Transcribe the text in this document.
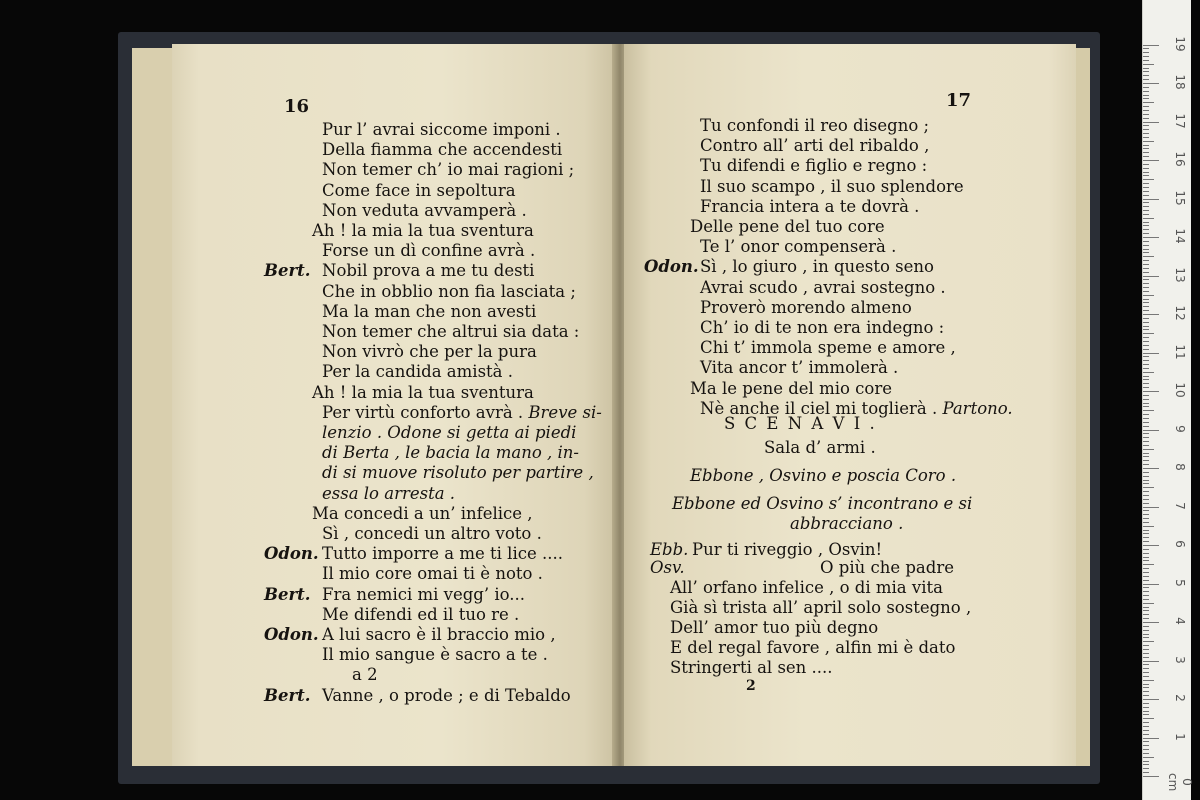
16
Pur l’ avrai siccome imponi .
Della fiamma che accendesti
Non temer ch’ io mai ragioni ;
Come face in sepoltura
Non veduta avvamperà .
Ah ! la mia la tua sventura
Forse un dì confine avrà .
Bert. Nobil prova a me tu desti
Che in obblio non fia lasciata ;
Ma la man che non avesti
Non temer che altrui sia data :
Non vivrò che per la pura
Per la candida amistà .
Ah ! la mia la tua sventura
Per virtù conforto avrà . Breve si-
lenzio . Odone si getta ai piedi
di Berta , le bacia la mano , in-
di si muove risoluto per partire ,
essa lo arresta .
Ma concedi a un’ infelice ,
Sì , concedi un altro voto .
Odon. Tutto imporre a me ti lice ....
Il mio core omai ti è noto .
Bert. Fra nemici mi vegg’ io...
Me difendi ed il tuo re .
Odon. A lui sacro è il braccio mio ,
Il mio sangue è sacro a te .
a 2
Bert. Vanne , o prode ; e di Tebaldo
17
Tu confondi il reo disegno ;
Contro all’ arti del ribaldo ,
Tu difendi e figlio e regno :
Il suo scampo , il suo splendore
Francia intera a te dovrà .
Delle pene del tuo core
Te l’ onor compenserà .
Odon. Sì , lo giuro , in questo seno
Avrai scudo , avrai sostegno .
Proverò morendo almeno
Ch’ io di te non era indegno :
Chi t’ immola speme e amore ,
Vita ancor t’ immolerà .
Ma le pene del mio core
Nè anche il ciel mi toglierà . Partono.
S C E N A V I .
Sala d’ armi .
Ebbone , Osvino e poscia Coro .
Ebbone ed Osvino s’ incontrano e si
abbracciano .
Ebb. Pur ti riveggio , Osvin!
Osv.	O più che padre
All’ orfano infelice , o di mia vita
Già sì trista all’ april solo sostegno ,
Dell’ amor tuo più degno
E del regal favore , alfin mi è dato
Stringerti al sen ....
2
0 cm
1
2
3
4
5
6
7
8
9
10
11
12
13
14
15
16
17
18
19
